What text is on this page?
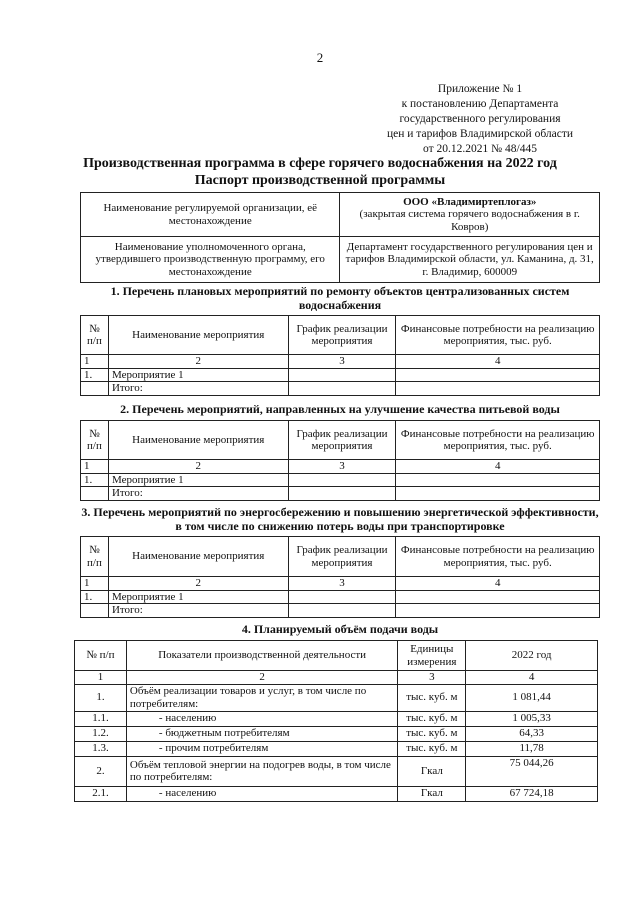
2
Приложение № 1
к постановлению Департамента
государственного регулирования
цен и тарифов Владимирской области
от 20.12.2021 № 48/445
Производственная программа в сфере горячего водоснабжения на 2022 год
Паспорт производственной программы
Наименование регулируемой организации, её местонахождение	ООО «Владимиртеплогаз»
(закрытая система горячего водоснабжения в г. Ковров)

Наименование уполномоченного органа, утвердившего производственную программу, его местонахождение	Департамент государственного регулирования цен и тарифов Владимирской области, ул. Каманина, д. 31, г. Владимир, 600009
1. Перечень плановых мероприятий по ремонту объектов централизованных систем водоснабжения
№ п/п	Наименование мероприятия	График реализации мероприятия	Финансовые потребности на реализацию мероприятия, тыс. руб.
1	2	3	4
1.	Мероприятие 1		
	Итого:		
2. Перечень мероприятий, направленных на улучшение качества питьевой воды
№ п/п	Наименование мероприятия	График реализации мероприятия	Финансовые потребности на реализацию мероприятия, тыс. руб.
1	2	3	4
1.	Мероприятие 1		
	Итого:		
3. Перечень мероприятий по энергосбережению и повышению энергетической эффективности, в том числе по снижению потерь воды при транспортировке
№ п/п	Наименование мероприятия	График реализации мероприятия	Финансовые потребности на реализацию мероприятия, тыс. руб.
1	2	3	4
1.	Мероприятие 1		
	Итого:		
4. Планируемый объём подачи воды
№ п/п	Показатели производственной деятельности	Единицы измерения	2022 год
1	2	3	4
1.	Объём реализации товаров и услуг, в том числе по потребителям:	тыс. куб. м	1 081,44
1.1.	- населению	тыс. куб. м	1 005,33
1.2.	- бюджетным потребителям	тыс. куб. м	64,33
1.3.	- прочим потребителям	тыс. куб. м	11,78
2.	Объём тепловой энергии на подогрев воды, в том числе по потребителям:	Гкал	75 044,26
2.1.	- населению	Гкал	67 724,18
